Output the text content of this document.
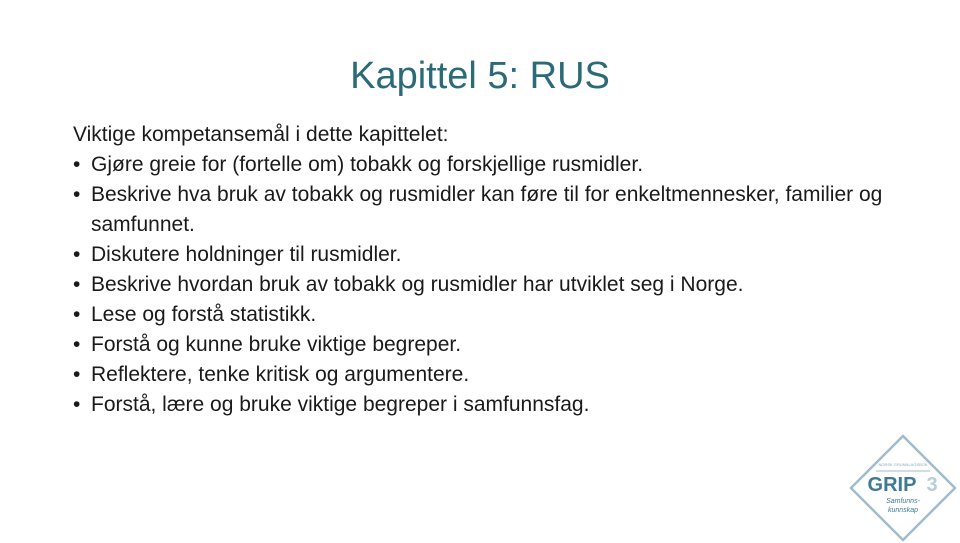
Kapittel 5: RUS

Viktige kompetansemål i dette kapittelet:

• Gjøre greie for (fortelle om) tobakk og forskjellige rusmidler.
• Beskrive hva bruk av tobakk og rusmidler kan føre til for enkeltmennesker, familier og samfunnet.
• Diskutere holdninger til rusmidler.
• Beskrive hvordan bruk av tobakk og rusmidler har utviklet seg i Norge.
• Lese og forstå statistikk.
• Forstå og kunne bruke viktige begreper.
• Reflektere, tenke kritisk og argumentere.
• Forstå, lære og bruke viktige begreper i samfunnsfag.
NORSK GRUNNLAGSBOK
GRIP 3
Samfunns-
kunnskap
